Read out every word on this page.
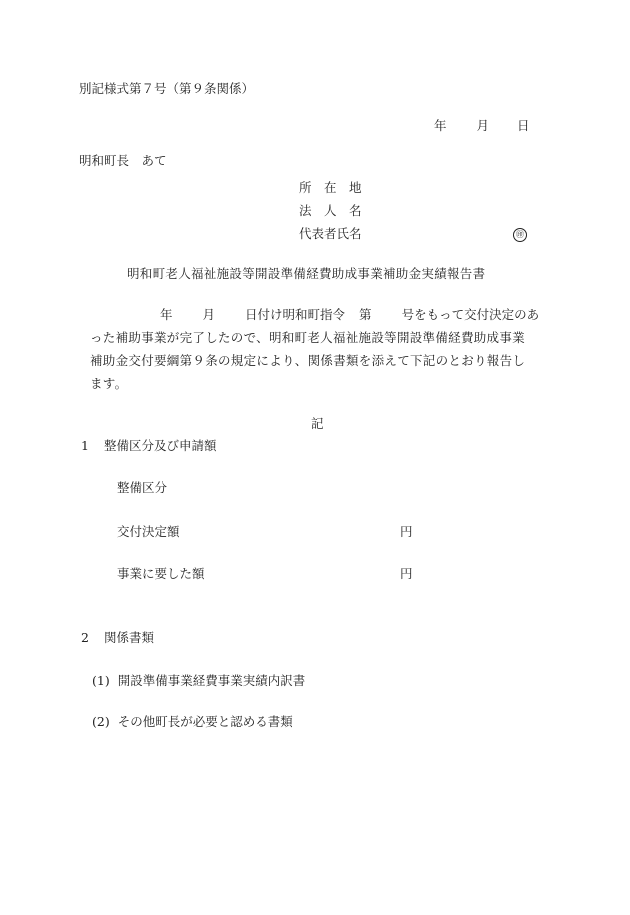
別記様式第７号（第９条関係）
年 月 日
明和町長　あて
所　在　地
法　人　名
代表者氏名	㊞
明和町老人福祉施設等開設準備経費助成事業補助金実績報告書
年 月 日付け明和町指令 第 号をもって交付決定のあ
った補助事業が完了したので、明和町老人福祉施設等開設準備経費助成事業
補助金交付要綱第９条の規定により、関係書類を添えて下記のとおり報告し
ます。
記
1 整備区分及び申請額
整備区分
交付決定額	円
事業に要した額	円
2 関係書類
(1) 開設準備事業経費事業実績内訳書
(2) その他町長が必要と認める書類
